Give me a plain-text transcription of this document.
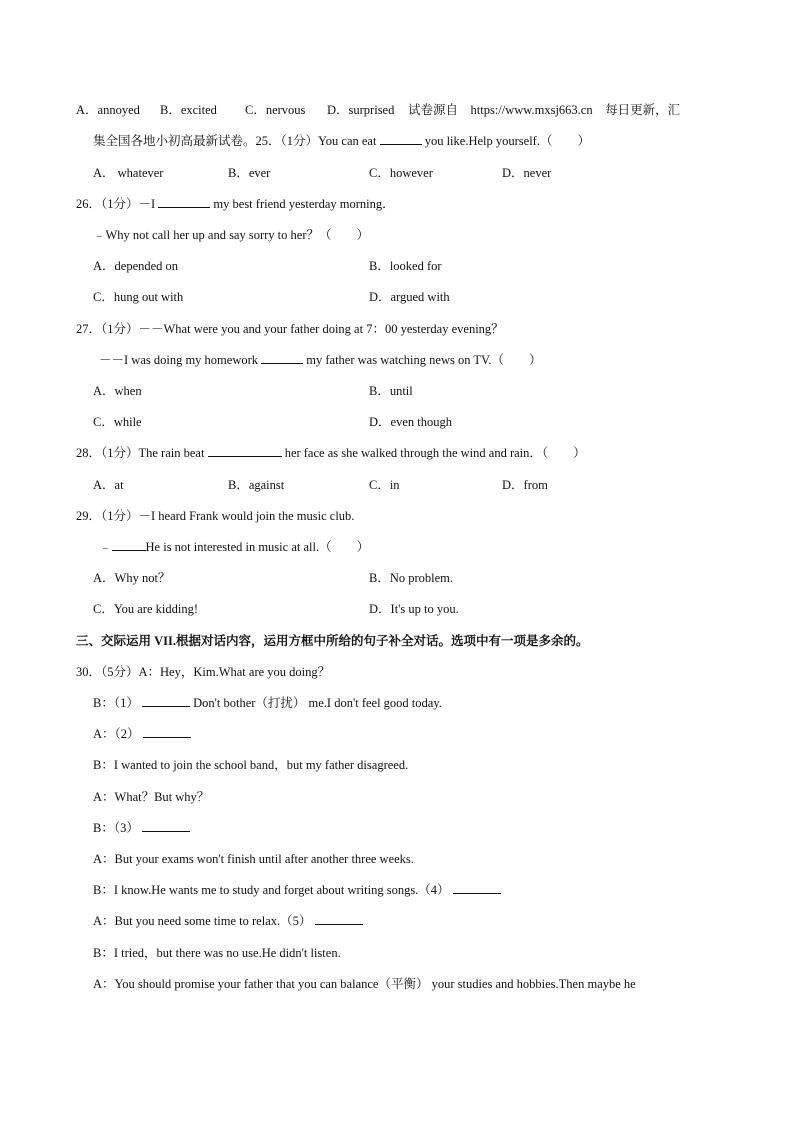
A．annoyed B．excited C．nervous D．surprised 试卷源自　https://www.mxsj663.cn　每日更新，汇
集全国各地小初高最新试卷。25．（1分）You can eat	you like.Help yourself.（　　）
A． whatever	B．ever	C．however	D．never
26．（1分）－I	my best friend yesterday morning．
﹣Why not call her up and say sorry to her？（　　）
A．depended on	B．looked for
C．hung out with	D．argued with
27．（1分）－－What were you and your father doing at 7：00 yesterday evening？
－－I was doing my homework	my father was watching news on TV.（　　）
A．when	B．until
C．while	D．even though
28．（1分）The rain beat	her face as she walked through the wind and rain．（　　）
A．at	B．against	C．in	D．from
29．（1分）－I heard Frank would join the music club.
﹣	He is not interested in music at all.（　　）
A．Why not？	B．No problem.
C．You are kidding!	D．It's up to you.
三、交际运用 VII.根据对话内容，运用方框中所给的句子补全对话。选项中有一项是多余的。
30．（5分）A：Hey，Kim.What are you doing？
B：（1）	Don't bother（打扰） me.I don't feel good today.
A：（2）
B：I wanted to join the school band，but my father disagreed.
A：What？But why？
B：（3）
A：But your exams won't finish until after another three weeks.
B：I know.He wants me to study and forget about writing songs.（4）
A：But you need some time to relax.（5）
B：I tried，but there was no use.He didn't listen.
A：You should promise your father that you can balance（平衡） your studies and hobbies.Then maybe he
